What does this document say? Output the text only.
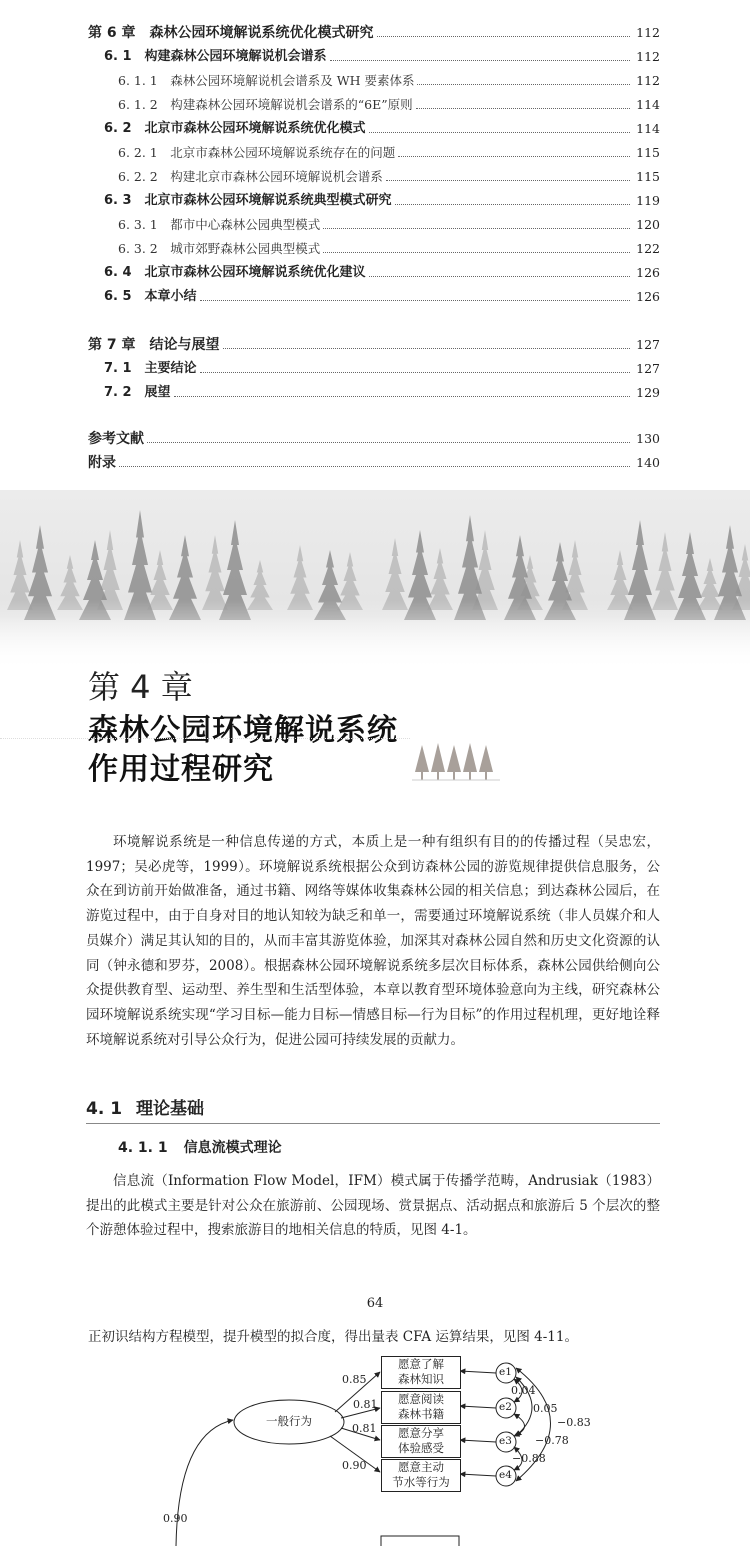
第 6 章　森林公园环境解说系统优化模式研究	112
6. 1　构建森林公园环境解说机会谱系	112
6. 1. 1　森林公园环境解说机会谱系及 WH 要素体系	112
6. 1. 2　构建森林公园环境解说机会谱系的“6E”原则	114
6. 2　北京市森林公园环境解说系统优化模式	114
6. 2. 1　北京市森林公园环境解说系统存在的问题	115
6. 2. 2　构建北京市森林公园环境解说机会谱系	115
6. 3　北京市森林公园环境解说系统典型模式研究	119
6. 3. 1　都市中心森林公园典型模式	120
6. 3. 2　城市郊野森林公园典型模式	122
6. 4　北京市森林公园环境解说系统优化建议	126
6. 5　本章小结	126
第 7 章　结论与展望	127
7. 1　主要结论	127
7. 2　展望	129
参考文献	130
附录	140
第 4 章
森林公园环境解说系统
作用过程研究
环境解说系统是一种信息传递的方式，本质上是一种有组织有目的的传播过程（吴忠宏，1997；吴必虎等，1999）。环境解说系统根据公众到访森林公园的游览规律提供信息服务，公众在到访前开始做准备，通过书籍、网络等媒体收集森林公园的相关信息；到达森林公园后，在游览过程中，由于自身对目的地认知较为缺乏和单一，需要通过环境解说系统（非人员媒介和人员媒介）满足其认知的目的，从而丰富其游览体验，加深其对森林公园自然和历史文化资源的认同（钟永德和罗芬，2008）。根据森林公园环境解说系统多层次目标体系，森林公园供给侧向公众提供教育型、运动型、养生型和生活型体验，本章以教育型环境体验意向为主线，研究森林公园环境解说系统实现“学习目标—能力目标—情感目标—行为目标”的作用过程机理，更好地诠释环境解说系统对引导公众行为，促进公园可持续发展的贡献力。
4. 1 理论基础
4. 1. 1 信息流模式理论
信息流（Information Flow Model，IFM）模式属于传播学范畴，Andrusiak（1983）提出的此模式主要是针对公众在旅游前、公园现场、赏景据点、活动据点和旅游后 5 个层次的整个游憩体验过程中，搜索旅游目的地相关信息的特质，见图 4-1。
64
正初识结构方程模型，提升模型的拟合度，得出量表 CFA 运算结果，见图 4-11。
一般行为
愿意了解
森林知识
愿意阅读
森林书籍
愿意分享
体验感受
愿意主动
节水等行为
0.85
0.81
0.81
0.90
e1
e2
e3
e4
0.04
0.05
−0.78
−0.88
−0.83
0.90
